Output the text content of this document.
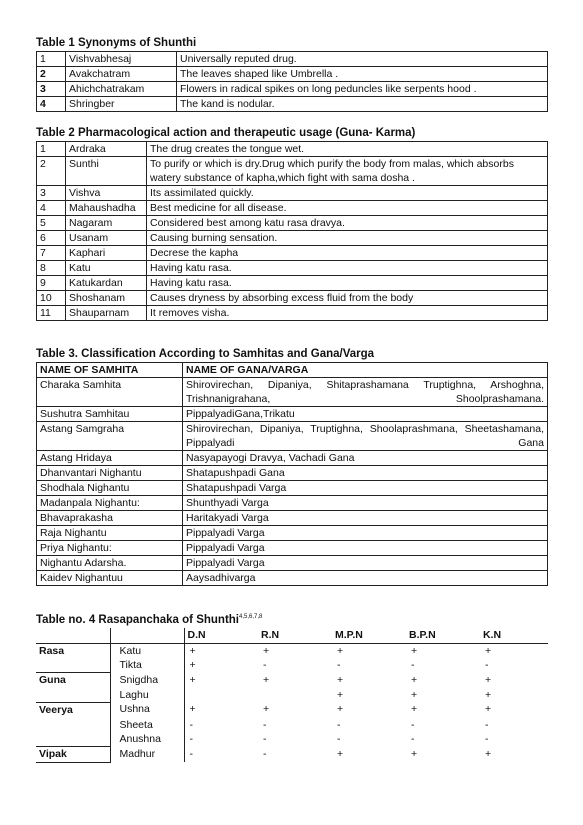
Table 1 Synonyms of Shunthi
1	Vishvabhesaj	Universally reputed drug.
2	Avakchatram	The leaves shaped like Umbrella .
3	Ahichchatrakam	Flowers in radical spikes on long peduncles like serpents hood .
4	Shringber	The kand is nodular.
Table 2 Pharmacological action and therapeutic usage (Guna- Karma)
1	Ardraka	The drug creates the tongue wet.
2	Sunthi	To purify or which is dry.Drug which purify the body from malas, which absorbs watery substance of kapha,which fight with sama dosha .
3	Vishva	Its assimilated quickly.
4	Mahaushadha	Best medicine for all disease.
5	Nagaram	Considered best among katu rasa dravya.
6	Usanam	Causing burning sensation.
7	Kaphari	Decrese the kapha
8	Katu	Having katu rasa.
9	Katukardan	Having katu rasa.
10	Shoshanam	Causes dryness by absorbing excess fluid from the body
11	Shauparnam	It removes visha.
Table 3. Classification According to Samhitas and Gana/Varga
NAME OF SAMHITA	NAME OF GANA/VARGA
Charaka Samhita	Shirovirechan, Dipaniya, Shitaprashamana Truptighna, Arshoghna, Trishnanigrahana, Shoolprashamana.
Sushutra Samhitau	PippalyadiGana,Trikatu
Astang Samgraha	Shirovirechan, Dipaniya, Truptighna, Shoolaprashmana, Sheetashamana, Pippalyadi Gana
Astang Hridaya	Nasyapayogi Dravya, Vachadi Gana
Dhanvantari Nighantu	Shatapushpadi Gana
Shodhala Nighantu	Shatapushpadi Varga
Madanpala Nighantu:	Shunthyadi Varga
Bhavaprakasha	Haritakyadi Varga
Raja Nighantu	Pippalyadi Varga
Priya Nighantu:	Pippalyadi Varga
Nighantu Adarsha.	Pippalyadi Varga
Kaidev Nighantuu	Aaysadhivarga
Table no. 4 Rasapanchaka of Shunthi$^{4,5,6,7,8}$
		D.N	R.N	M.P.N	B.P.N	K.N
Rasa	Katu	+	+	+	+	+
	Tikta	+	-	-	-	-
Guna	Snigdha	+	+	+	+	+
	Laghu			+	+	+
Veerya	Ushna	+	+	+	+	+
	Sheeta	-	-	-	-	-
	Anushna	-	-	-	-	-
Vipak	Madhur	-	-	+	+	+
